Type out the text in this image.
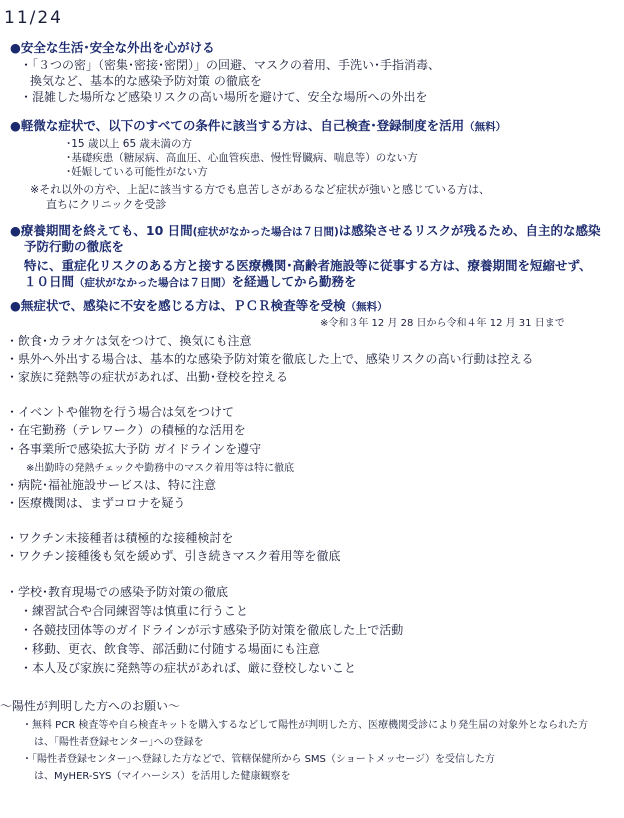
11/24
●安全な生活･安全な外出を心がける
・｢３つの密｣（密集･密接･密閉）」の回避、マスクの着用、手洗い･手指消毒、
換気など、基本的な感染予防対策 の徹底を
・混雑した場所など感染リスクの高い場所を避けて、安全な場所への外出を
●軽微な症状で、以下のすべての条件に該当する方は、自己検査･登録制度を活用（無料）
･15 歳以上 65 歳未満の方
･基礎疾患（糖尿病、高血圧、心血管疾患、慢性腎臓病、喘息等）のない方
･妊娠している可能性がない方
※それ以外の方や、上記に該当する方でも息苦しさがあるなど症状が強いと感じている方は、
直ちにクリニックを受診
●療養期間を終えても、10 日間(症状がなかった場合は７日間)は感染させるリスクが残るため、自主的な感染
予防行動の徹底を
特に、重症化リスクのある方と接する医療機関･高齢者施設等に従事する方は、療養期間を短縮せず、
１０日間（症状がなかった場合は７日間）を経過してから勤務を
●無症状で、感染に不安を感じる方は、ＰＣＲ検査等を受検（無料）
※令和３年 12 月 28 日から令和４年 12 月 31 日まで
・飲食･カラオケは気をつけて、換気にも注意
・県外へ外出する場合は、基本的な感染予防対策を徹底した上で、感染リスクの高い行動は控える
・家族に発熱等の症状があれば、出勤･登校を控える
・イベントや催物を行う場合は気をつけて
・在宅勤務（テレワーク）の積極的な活用を
・各事業所で感染拡大予防 ガイドラインを遵守
※出勤時の発熱チェックや勤務中のマスク着用等は特に徹底
・病院･福祉施設サービスは、特に注意
・医療機関は、まずコロナを疑う
・ワクチン未接種者は積極的な接種検討を
・ワクチン接種後も気を緩めず、引き続きマスク着用等を徹底
・学校･教育現場での感染予防対策の徹底
・練習試合や合同練習等は慎重に行うこと
・各競技団体等のガイドラインが示す感染予防対策を徹底した上で活動
・移動、更衣、飲食等、部活動に付随する場面にも注意
・本人及び家族に発熱等の症状があれば、厳に登校しないこと
～陽性が判明した方へのお願い～
・無料 PCR 検査等や自ら検査キットを購入するなどして陽性が判明した方、医療機関受診により発生届の対象外となられた方
は、｢陽性者登録センター｣への登録を
・｢陽性者登録センター｣へ登録した方などで、管轄保健所から SMS（ショートメッセージ）を受信した方
は、MyHER-SYS（マイハーシス）を活用した健康観察を
